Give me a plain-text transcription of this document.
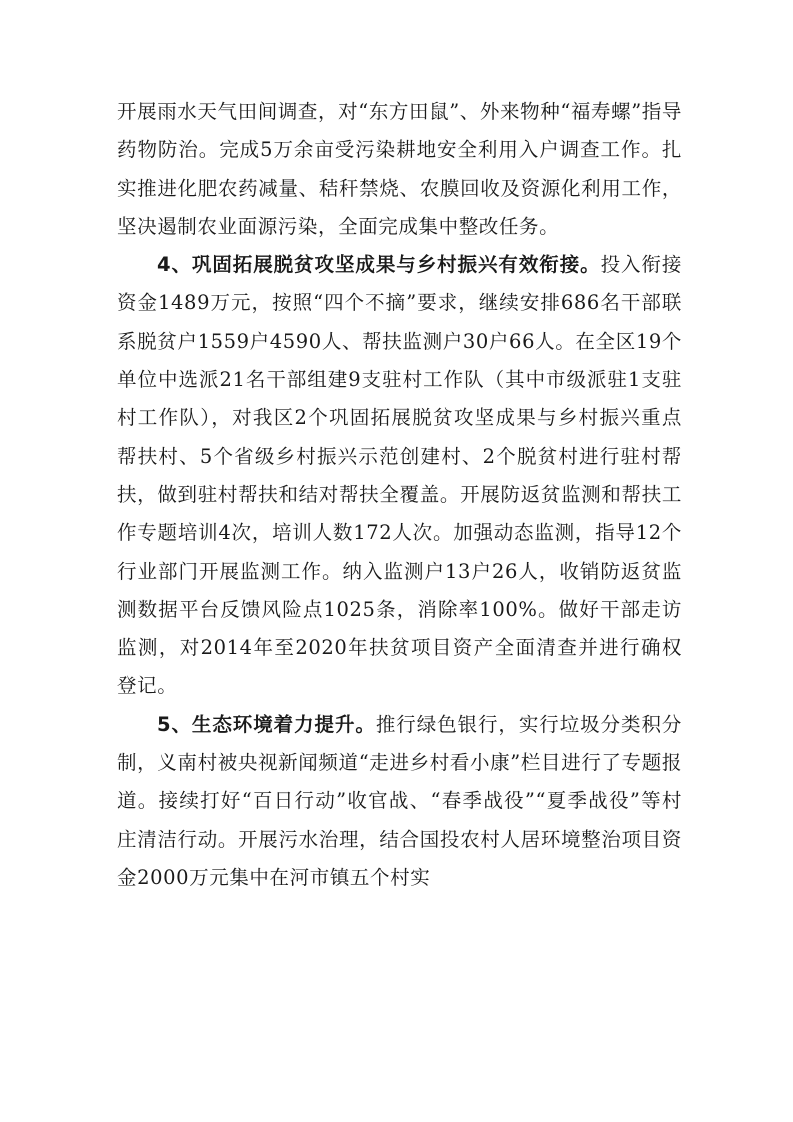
开展雨水天气田间调查，对“东方田鼠”、外来物种“福寿螺”指导药物防治。完成5万余亩受污染耕地安全利用入户调查工作。扎实推进化肥农药减量、秸秆禁烧、农膜回收及资源化利用工作，坚决遏制农业面源污染，全面完成集中整改任务。

4、巩固拓展脱贫攻坚成果与乡村振兴有效衔接。投入衔接资金1489万元，按照“四个不摘”要求，继续安排686名干部联系脱贫户1559户4590人、帮扶监测户30户66人。在全区19个单位中选派21名干部组建9支驻村工作队（其中市级派驻1支驻村工作队），对我区2个巩固拓展脱贫攻坚成果与乡村振兴重点帮扶村、5个省级乡村振兴示范创建村、2个脱贫村进行驻村帮扶，做到驻村帮扶和结对帮扶全覆盖。开展防返贫监测和帮扶工作专题培训4次，培训人数172人次。加强动态监测，指导12个行业部门开展监测工作。纳入监测户13户26人，收销防返贫监测数据平台反馈风险点1025条，消除率100%。做好干部走访监测，对2014年至2020年扶贫项目资产全面清查并进行确权登记。

5、生态环境着力提升。推行绿色银行，实行垃圾分类积分制，义南村被央视新闻频道“走进乡村看小康”栏目进行了专题报道。接续打好“百日行动”收官战、“春季战役”“夏季战役”等村庄清洁行动。开展污水治理，结合国投农村人居环境整治项目资金2000万元集中在河市镇五个村实
